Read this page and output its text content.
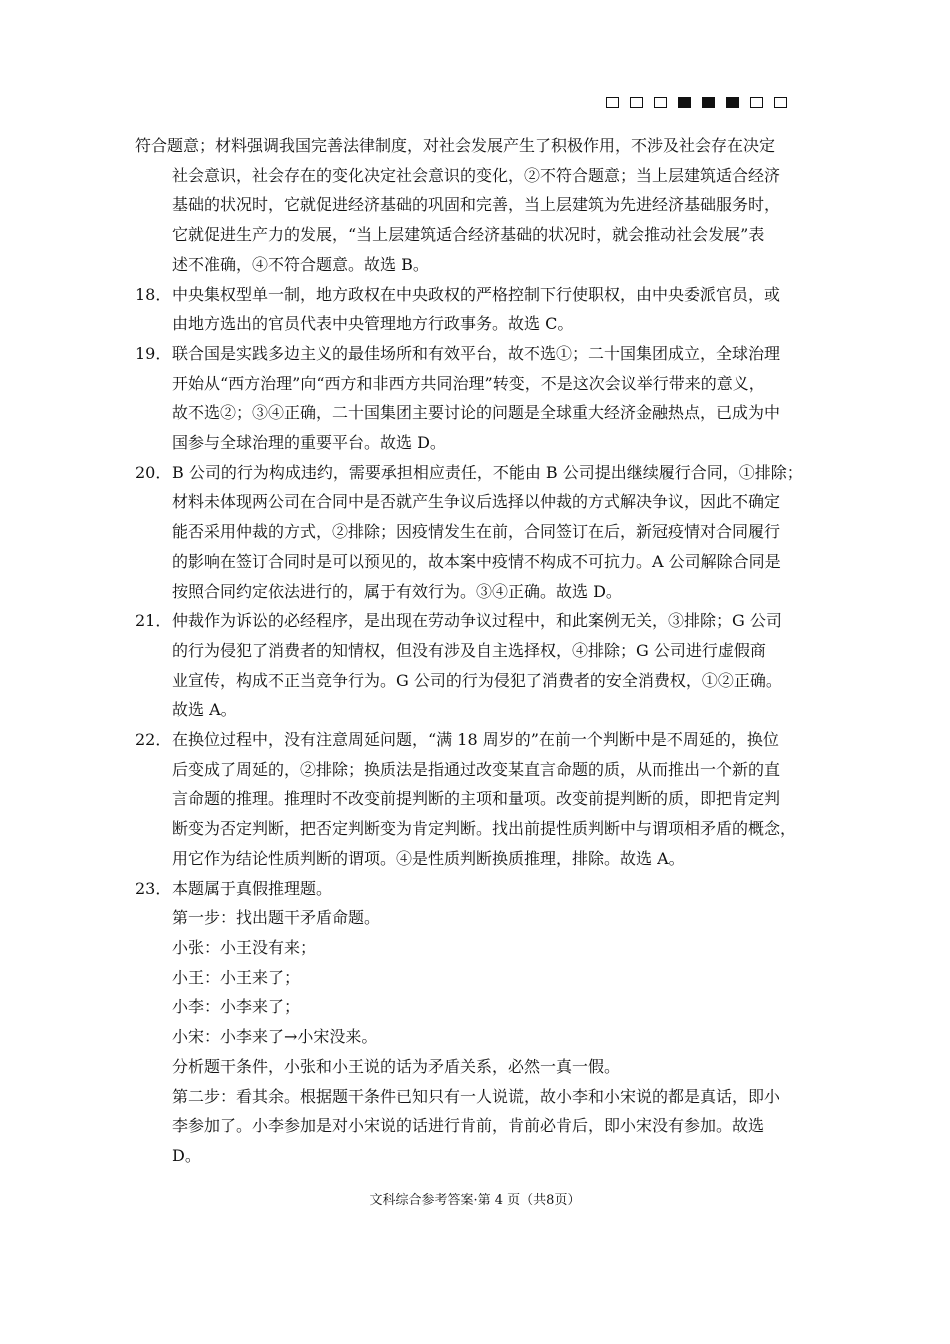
符合题意；材料强调我国完善法律制度，对社会发展产生了积极作用，不涉及社会存在决定

社会意识，社会存在的变化决定社会意识的变化，②不符合题意；当上层建筑适合经济

基础的状况时，它就促进经济基础的巩固和完善，当上层建筑为先进经济基础服务时，

它就促进生产力的发展，“当上层建筑适合经济基础的状况时，就会推动社会发展”表

述不准确，④不符合题意。故选 B。

18．中央集权型单一制，地方政权在中央政权的严格控制下行使职权，由中央委派官员，或

由地方选出的官员代表中央管理地方行政事务。故选 C。

19．联合国是实践多边主义的最佳场所和有效平台，故不选①；二十国集团成立，全球治理

开始从“西方治理”向“西方和非西方共同治理”转变，不是这次会议举行带来的意义，

故不选②；③④正确，二十国集团主要讨论的问题是全球重大经济金融热点，已成为中

国参与全球治理的重要平台。故选 D。

20．B 公司的行为构成违约，需要承担相应责任，不能由 B 公司提出继续履行合同，①排除；

材料未体现两公司在合同中是否就产生争议后选择以仲裁的方式解决争议，因此不确定

能否采用仲裁的方式，②排除；因疫情发生在前，合同签订在后，新冠疫情对合同履行

的影响在签订合同时是可以预见的，故本案中疫情不构成不可抗力。A 公司解除合同是

按照合同约定依法进行的，属于有效行为。③④正确。故选 D。

21．仲裁作为诉讼的必经程序，是出现在劳动争议过程中，和此案例无关，③排除；G 公司

的行为侵犯了消费者的知情权，但没有涉及自主选择权，④排除；G 公司进行虚假商

业宣传，构成不正当竞争行为。G 公司的行为侵犯了消费者的安全消费权，①②正确。

故选 A。

22．在换位过程中，没有注意周延问题，“满 18 周岁的”在前一个判断中是不周延的，换位

后变成了周延的，②排除；换质法是指通过改变某直言命题的质，从而推出一个新的直

言命题的推理。推理时不改变前提判断的主项和量项。改变前提判断的质，即把肯定判

断变为否定判断，把否定判断变为肯定判断。找出前提性质判断中与谓项相矛盾的概念，

用它作为结论性质判断的谓项。④是性质判断换质推理，排除。故选 A。

23．本题属于真假推理题。

第一步：找出题干矛盾命题。

小张：小王没有来；

小王：小王来了；

小李：小李来了；

小宋：小李来了→小宋没来。

分析题干条件，小张和小王说的话为矛盾关系，必然一真一假。

第二步：看其余。根据题干条件已知只有一人说谎，故小李和小宋说的都是真话，即小

李参加了。小李参加是对小宋说的话进行肯前，肯前必肯后，即小宋没有参加。故选

D。

文科综合参考答案·第 4 页（共8页）
